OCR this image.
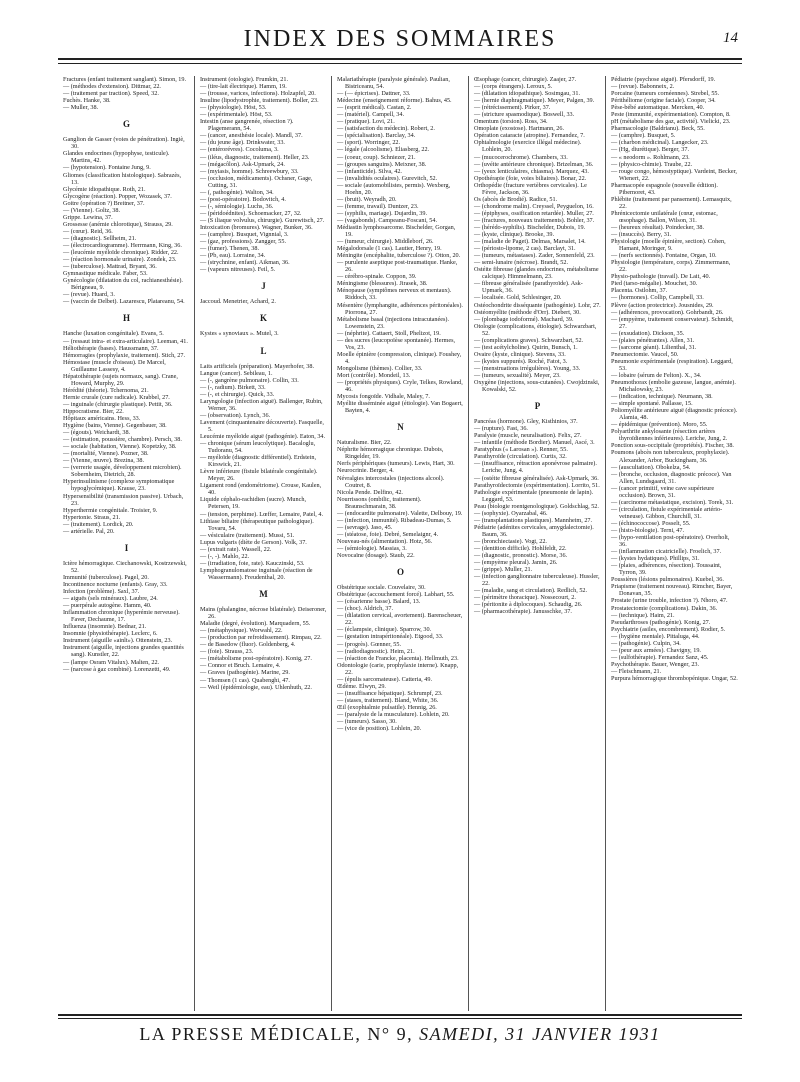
INDEX DES SOMMAIRES	14
Fractures (enfant traitement sanglant). Simon, 19.
— (méthodes d'extension). Dittmar, 22.
— (traitement par traction). Speed, 32.
Fuchès. Hanke, 38.
— Muller, 38.
G
Ganglion de Gasser (voies de pénétration). Ingiè, 30.
Glandes endocrines (hypophyse, testicule). Martins, 42.
— (hypotension). Fontaine Jung, 9.
Gliomes (classification histologique). Sabrazès, 13.
Glycémie idiopathique. Roth, 21.
Glycogène (réaction). Popper, Wozasek, 37.
Goitre (opération ?) Breitner, 37.
— (Vienne). Goltz, 38.
Grippe. Lewina, 37.
Grossesse (anémie chlorotique), Strauss, 29.
— (cœur). Reid, 36.
— (diagnostic). Sellheim, 21.
— (électrocardiogramme). Herrmann, King, 36.
— (leucémie myéloïde chronique). Ridder, 22.
— (réaction hormonale urinaire). Zondek, 23.
— (tuberculose). Mattrad, Bryant, 36.
Gymnastique médicale. Faber, 53.
Gynécologie (dilatation du col, rachianesthésie). Bérigneau, 9.
— (revue). Huard, 3.
— (vaccin de Delbet). Lazarescu, Platareanu, 54.
H
Hanche (luxation congénitale). Evans, 5.
— (ressaut intra- et extra-articulaire). Leeman, 41.
Héliothérapie (bases). Haussmann, 37.
Hémorragies (prophylaxie, traitement). Stich, 27.
Hémostase (muscle d'oiseau). De Marcel, Guillaume Lassesy, 4.
Hépatothérapie (sujets normaux, sang). Crane, Howard, Murphy, 29.
Hérédité (théorie). Tchernoma, 21.
Hernie crurale (cure radicale). Krabbel, 27.
— inguinale (chirurgie plastique). Pettit, 36.
Hippocratisme. Bier, 22.
Hôpitaux américains. Hess, 33.
Hygiène (bains, Vienne). Gegenbauer, 38.
— (égouts). Weichardt, 38.
— (estimation, poussière, chambre). Persch, 38.
— sociale (habitation, Vienne). Kopetzky, 38.
— (mortalité, Vienne). Pozner, 38.
— (Vienne, œuvre). Brezina, 38.
— (verrerie usagée, développement microbien). Sobernheim, Dietrich, 28.
Hyperinsulinisme (complexe symptomatique hypoglycémique). Krause, 23.
Hypersensibilité (transmission passive). Urbach, 23.
Hyperthermie congénitale. Troisier, 9.
Hypertonie. Straus, 21.
— (traitement). Lordick, 20.
— artérielle. Pal, 20.
I
Ictère hémorragique. Ciechanowski, Kostrzewski, 52.
Immunité (tuberculose). Pagel, 20.
Incontinence nocturne (enfants). Gray, 33.
Infection (problème). Saxl, 37.
— aiguës (sels minéraux). Laubre, 24.
— puerpérale autogène. Hamm, 40.
Inflammation chronique (hyperémie nerveuse). Faver, Dechaume, 17.
Influenza (insomnie). Bednar, 21.
Insomnie (physiothérapie). Leclerc, 6.
Instrument (aiguille «ainlt»). Ottenstein, 23.
Instrument (aiguille, injections grandes quantités sang). Kunstler, 22.
— (lampe Osram Vitalux). Malten, 22.
— (narcose à gaz combiné). Lorenzetti, 49.
Instrument (otologie). Frumkin, 21.
— (tire-lait électrique). Hamm, 19.
— (trousse, varices, infections). Holzapfel, 20.
Insuline (lipodystrophie, traitement). Boller, 23.
— (physiologie). Höst, 53.
— (expérimentale). Höst, 53.
Intestin (anse gangrenée, résection ?). Plagemerann, 54.
— (cancer, anesthésie locale). Mandl, 37.
— (du jeune âge). Drinkwater, 33.
— (entérorévres). Cocoluma, 3.
— (iléus, diagnostic, traitement). Heller, 23.
— (mégacôlon). Ask-Upmark, 24.
— (myiasis, homme). Schreewbury, 33.
— (occlusion, médicaments). Ochsner, Gage, Cutting, 31.
— (, pathogénie). Walton, 34.
— (post-opératoire). Bodovitch, 4.
— (-, sémiologie). Luchs, 36.
— (péridoédnites). Schoemacker, 27, 32.
— (S iliaque volvulus, chirurgie). Gurewitsch, 27.
Intoxication (bromures). Wagner, Bunker, 36.
— (camphre). Busquet, Vignnial, 3.
— (gaz, professions). Zangger, 55.
— (fumer). Thenen, 38.
— (Pb, eau). Lorraine, 34.
— (strychnine, enfant). Aikman, 36.
— (vapeurs nitreuses). Feil, 5.
J
Jaccoud. Menetrier, Achard, 2.
K
Kystes « synoviaux ». Mutel, 3.
L
Laits artificiels (préparation). Mayerhofer, 38.
Langue (cancer). Sebileau, 1.
— (-, gangrène pulmonaire). Collin, 33.
— (-, radium). Birkett, 33.
— (-, et chirurgie). Quick, 33.
Laryngologie (infection aiguë). Ballenger, Rubin, Werner, 36.
— (observation). Lynch, 36.
Lavement (cinquantenaire découverte). Fasquelle, 5.
Leucémie myéloïde aiguë (pathogénie). Eaton, 34.
— chronique (sérum leucolytique). Bacaloglu, Tudoranu, 54.
— myéloïde (diagnostic différentiel). Erdstein, Kirswick, 21.
Lèvre inférieure (fistule bilatérale congénitale). Meyer, 26.
Ligament rond (endométriome). Crouse, Kaulen, 40.
Liquide céphalo-rachidien (sucre). Munch, Petersen, 19.
— (tension, perphime). Lœffer, Lemaire, Patel, 4.
Lithiase biliaire (thérapeutique pathologique). Tovaru, 54.
— vésiculaire (traitement). Mussi, 51.
Lupus vulgaris (diète de Gerson). Volk, 37.
— (extrait rate). Wassell, 22.
— (-, -). Mahlo, 22.
— (irradiation, foie, rate). Kauczinski, 53.
Lymphogranulomatose inguinale (réaction de Wassermann). Freudenthal, 20.
M
Mains (phalangine, nécrose bilatérale). Deiseroner, 26.
Maladie (degré, évolution). Marquadern, 55.
— (métaphysique). Worwahl, 22.
— (production par refroidissement). Rimpau, 22.
— de Basedow (fluor). Goldenberg, 4.
— (foie). Strauss, 23.
— (métabolisme post-opératoire). Konig, 27.
— Connor et Bruch. Lemaire, 4.
— Graves (pathogénie). Marine, 29.
— Thomsen (1 cas). Quabenghi, 47.
— Weil (épidémiologie, eau). Uhlenhuth, 22.
Malariathérapie (paralysie générale). Paulian, Bistriceanu, 54.
— (— épicrises). Dattner, 33.
Médecine (enseignement réforme). Bahus, 45.
— (esprit médical). Castan, 2.
— (matériel). Campell, 34.
— (pratique). Lovi, 21.
— (satisfaction du médecin). Robert, 2.
— (spécialisation). Barclay, 34.
— (sport). Worringer, 22.
— légale (alcoolisme). Eliasberg, 22.
— (coeur, coup). Schniezer, 21.
— (groupes sanguins). Meixner, 38.
— (infanticide). Silva, 42.
— (invalidités oculaires). Gurevitch, 52.
— sociale (automobilistes, permis). Wexberg, Hoehn, 20.
— (bruit). Weyradh, 20.
— (femme, travail). Duntzer, 23.
— (syphilis, mariage). Dujardin, 39.
— (vagabonds). Campeanu-Foscani, 54.
Médiastin lymphosarcome. Bischelder, Gorgan, 19.
— (tumeur, chirurgie). Middleborf, 26.
Mégalodorsale (1 cas). Lautier, Henry, 19.
Méningite (encéphalite, tuberculose ?). Otton, 20.
— purulente aseptique post-traumatique. Hanke, 26.
— cérébro-spinale. Coppon, 39.
Méningisme (blessures). Jirasek, 38.
Ménopause (symptômes nerveux et mentaux). Riddoch, 33.
Mésentère (lymphangite, adhérences péritonéales). Piorrona, 27.
Métabolisme basal (injections intracutanées). Lowenstein, 23.
— (néphrite). Cattaert, Stoll, Phelizot, 19.
— des sucres (leucopoïèse spontanée). Hermes, Vos, 23.
Moelle épinière (compression, clinique). Foushey, 4.
Mongolisme (thèmes). Collier, 33.
Mort (contrôle). Mondeil, 13.
— (propriétés physiques). Cryle, Telkes, Rowland, 46.
Mycosis fongoïde. Vidhale, Maley, 7.
Myélite disséminée aiguë (étiologie). Van Bogaert, Bayten, 4.
N
Naturalisme. Bier, 22.
Néphrite hémorragique chronique. Dubois, Ringelder, 19.
Nerfs périphériques (tumeurs). Lewis, Hart, 30.
Neurocrinie. Berger, 4.
Névralgies intercostales (injections alcool). Coutret, 8.
Nicola Pende. Delfino, 42.
Nourrissons (ombilic, traitement). Braunschmarain, 38.
— (endocardite pulmonaire). Valette, Delbouy, 19.
— (infection, immunité). Ribadeau-Dumas, 5.
— (sevrage). Jaso, 45.
— (stéatose, foie). Debré, Semelaignr, 4.
Nouveau-nés (alimentation). Hotz, 56.
— (sémiologie). Massias, 3.
Novocaïne (dosage). Staub, 22.
O
Obstétrique sociale. Couvelaire, 30.
Obstétrique (accouchement forcé). Labhart, 55.
— (césarienne basse). Balard, 13.
— (choc). Aldrich, 37.
— (dilatation cervical, avortement). Barenscheuer, 22.
— (éclampsie, clinique). Sparrow, 30.
— (gestation intrapéritonéale). Etgood, 33.
— (progrès). Gœnner, 55.
— (radiodiagnostic). Heim, 21.
— (réaction de Francke, placenta). Hellmuth, 23.
Odontologie (carie, prophylaxie interne). Knapp, 22.
— (épulis sarcomateuse). Catteria, 49.
Œdème. Elwyn, 29.
— (insuffisance hépatique). Schrumpf, 23.
— (stases, traitement). Bland, White, 36.
Œil (exophtalmie pulsatile). Hennig, 26.
— (paralysie de la musculature). Lohlein, 20.
— (tumeurs). Sasso, 30.
— (vice de position). Lohlein, 20.
Œsophage (cancer, chirurgie). Zaajer, 27.
— (corps étrangers). Leroux, 5.
— (dilatation idiopathique). Sosimgau, 31.
— (hernie diaphragmatique). Meyer, Palgen, 39.
— (rétrécissement). Pirker, 37.
— (stricture spasmodique). Boswell, 33.
Omentum (torsion). Ross, 34.
Omoplate (exostose). Hartmann, 26.
Opération cataracte (atropine). Fernandez, 7.
Ophtalmologie (exercice illégal médecine). Lohlein, 20.
— (mucocerochrome). Chambers, 33.
— (uvéite antérieure chronique). Brizelman, 36.
— (yeux lenticulaires, chiasma). Marquez, 43.
Opothérapie (foie, voies biliaires). Bonar, 22.
Orthopédie (fracture vertèbres cervicales). Le Fèvre, Jackson, 36.
Os (abcès de Brodié). Radice, 51.
— (chondrome malin). Creyssel, Peyguelon, 16.
— (épiphyses, ossification retardée). Muller, 27.
— (fractures, nouveaux traitements). Bohler, 37.
— (hérédo-syphilis). Bischelder, Dubois, 19.
— (kyste, clinique). Brooke, 39.
— (maladie de Paget). Delmas, Marsalet, 14.
— (périosto-lipome, 2 cas). Barclayt, 31.
— (tumeurs, métastases). Zader, Sonnenfeld, 23.
— semi-lunaire (nécrose). Brandt, 52.
Ostéite fibreuse (glandes endocrines, métabolisme calcique). Himmelmann, 23.
— fibreuse généralisée (parathyroïde). Ask-Upmark, 36.
— localisée. Gold, Schlesinger, 20.
Ostéochondrite disséquante (pathogénie). Lohr, 27.
Ostéomyélite (méthode d'Orr). Diebert, 30.
— (plombage iodoformé). Machard, 39.
Otologie (complications, étiologie). Schwarzbart, 52.
— (complications graves). Schwarzbart, 52.
— (test acétylcholine). Quirin, Bunsch, 1.
Ovaire (kyste, clinique). Stevens, 33.
— (kystes suppurés). Roché, Fatot, 3.
— (menstruations irrégulières). Young, 33.
— (tumeurs, sexualité). Meyer, 23.
Oxygène (injections, sous-cutanées). Cwojdzinski, Kowalski, 52.
P
Pancréas (hormone). Gley, Kisthinios, 37.
— (rupture). Fast, 36.
Paralysie (muscle, neuralisation). Felix, 27.
— infantile (méthode Bordier). Manuel, Ascé, 3.
Paratyphus (« Larosan »). Renner, 55.
Parathyroïde (circulation). Curtis, 32.
— (insuffisance, rétraction aponévrose palmaire). Leriche, Jung, 4.
— (ostéite fibreuse généralisée). Ask-Upmark, 36.
Parathyroïdectomie (expérimentation). Lorrito, 51.
Pathologie expérimentale (pneumonie de lapin). Leggard, 53.
Peau (biologie roentgenologique). Goldschlag, 52.
— (sophyxie). Oyarzabal, 46.
— (transplantations plastiques). Mannheim, 27.
Pédiatrie (adénites cervicales, amygdalectomie). Baum, 36.
— (bronchiectasie). Vogt, 22.
— (dentition difficile). Hohlfeldt, 22.
— (diagnostic, pronostic). Morse, 36.
— (empyème pleural). Jamin, 26.
— (grippe). Muller, 21.
— (infection ganglionnaire tuberculeuse). Hussler, 22.
— (maladie, sang et circulation). Redlich, 52.
— (périmètre thoracique). Nossecourt, 2.
— (péritonite à diplocoques). Schaudig, 26.
— (pharmacothérapie). Janusschke, 37.
Pédiatrie (psychose aiguë). Pfersdorff, 19.
— (revue). Babonneix, 2.
Porcaine (tumeurs cornéennes). Strebel, 55.
Périthéliome (origine faciale). Cooper, 34.
Pèse-bébé automatique. Mercken, 40.
Peste (immunité, expérimentation). Compton, 8.
pH (métabolisme des gaz, activité). Vielicki, 23.
Pharmacologie (Baldrianu). Beck, 55.
— (camphre). Busquet, 5.
— (charbon médicinal). Langecker, 23.
— (Hg, diurétique). Berger, 37.
— « neodorm ». Rohlmann, 23.
— (physico-chimie). Traube, 22.
— rouge congo, hémostyptique). Vardeint, Becker, Wienert, 22.
Pharmacopée espagnole (nouvelle édition). Pibernoret, 43.
Phlébite (traitement par pansement). Lemasquix, 22.
Phrénicectomie unilatérale (cœur, estomac, œsophage). Ballon, Wilson, 31.
— (heureux résultat). Poindecker, 38.
— (insuccès). Berry, 31.
Physiologie (moelle épinière, section). Cohen, Hamant, Moringer, 9.
— (nerfs sectionnés). Fontaine, Organ, 10.
Physiologie (température, corps). Zimmermann, 22.
Physio-pathologie (travail). De Lait, 40.
Pied (tarso-mégalie). Mouchet, 30.
Placenta. Ostlohm, 37.
— (hormones). Collip, Campbell, 33.
Plèvre (action protectrice). Jousnides, 29.
— (adhérences, provocation). Gohrbandt, 26.
— (empyème, traitement conservateur). Schmidt, 27.
— (exsudation). Dickson, 35.
— (plaies pénétrantes). Allen, 31.
— (sarcome géant). Lilienthal, 31.
Pneumectomie. Vaucel, 50.
Pneumonie expérimentale (respiration). Leggard, 53.
— lobaire (sérum de Felton). X., 34.
Pneumothorax (embolie gazeuse, langue, anémie). Michalowsky, 23.
— (indication, technique). Neumann, 38.
— simple spontané. Pallasse, 15.
Poliomyélite antérieure aiguë (diagnostic précoce). Alamia, 48.
— épidémique (prévention). Moro, 55.
Polyarthrite ankylosante (résection artères thyroïdiennes inférieures). Leriche, Jung, 2.
Ponction sous-occipitale (propriétés). Fischer, 38.
Poumons (abcès non tuberculeux, prophylaxie). Alexander, Arbor, Buckingham, 36.
— (auscultation). Obokelza, 54.
— (bronche, occlusion, diagnostic précoce). Van Allen, Lundsgaard, 31.
— (cancer primitif, veine cave supérieure occlusion). Brown, 31.
— (carcinome métastatique, excision). Torek, 31.
— (circulation, fistule expérimentale artério-veineuse). Gibbon, Churchill, 31.
— (échinococcose). Posselt, 55.
— (histo-biologie). Terni, 47.
— (hypo-ventilation post-opératoire). Overholt, 36.
— (inflammation cicatricielle). Froelich, 37.
— (kystes hydatiques). Phillips, 31.
— (plaies, adhérences, résection). Toussaint, Tyrron, 39.
Poussières (lésions pulmonaires). Kuebel, 36.
Priapisme (traitement nouveau). Rimcher, Bayer, Donavan, 35.
Prostate (urine trouble, infection ?). Nhoro, 47.
Prostatectomie (complications). Dakin, 36.
— (technique). Haim, 21.
Pseudarthroses (pathogénie). Konig, 27.
Psychiatrie (asiles, encombrement). Rodier, 5.
— (hygiène mentale). Pittaluga, 44.
— (pathogénie). Culpin, 34.
— (peur aux armées). Chavigny, 19.
— (sulfothérapie). Fernandez Sanz, 45.
Psychothérapie. Bauer, Wenger, 23.
— Fleischmann, 21.
Purpura hémorragique thrombopénique. Ungar, 52.
LA PRESSE MÉDICALE, N° 9, SAMEDI, 31 JANVIER 1931
